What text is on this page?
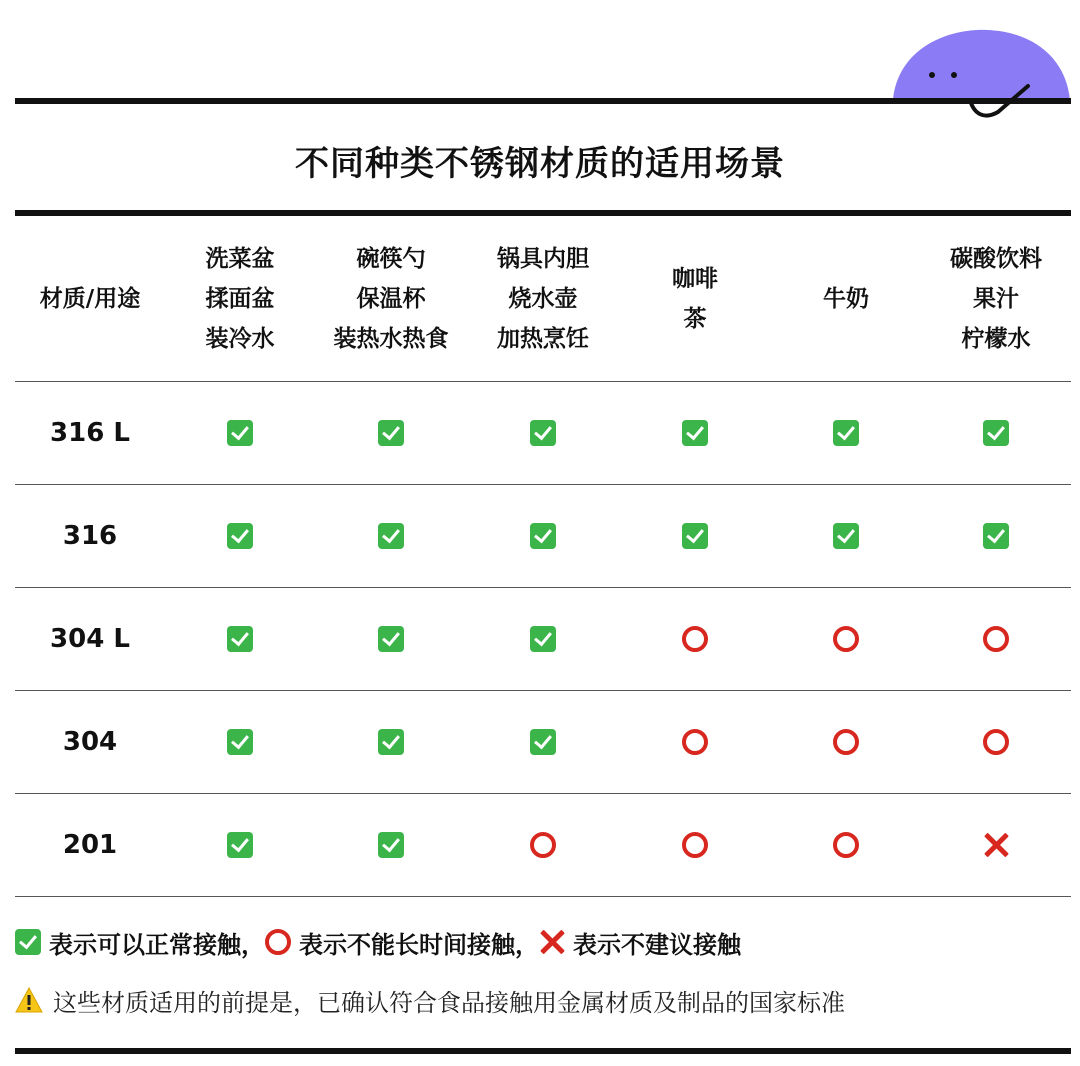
不同种类不锈钢材质的适用场景
材质/用途
洗菜盆
揉面盆
装冷水
碗筷勺
保温杯
装热水热食
锅具内胆
烧水壶
加热烹饪
咖啡
茶
牛奶
碳酸饮料
果汁
柠檬水
316 L
316
304 L
304
201
表示可以正常接触， 表示不能长时间接触， 表示不建议接触
这些材质适用的前提是，已确认符合食品接触用金属材质及制品的国家标准
